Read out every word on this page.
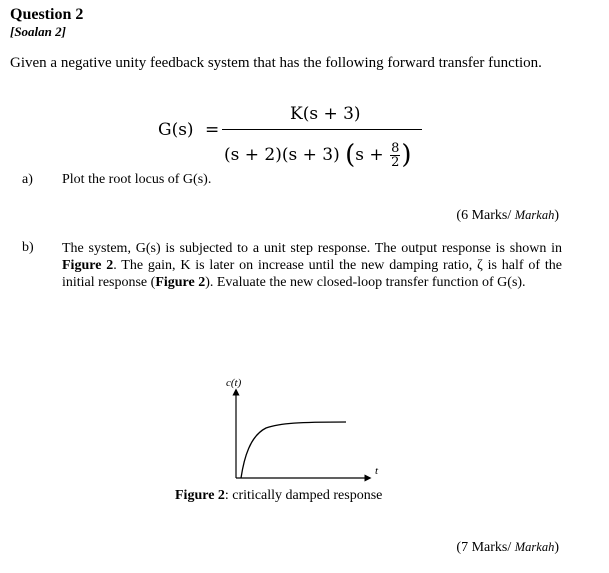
Question 2
[Soalan 2]
Given a negative unity feedback system that has the following forward transfer function.
G(s) =
K(s + 3)
(s + 2)(s + 3) ($s + \frac{8}{2}$ )
a) Plot the root locus of G(s).
(6 Marks/ Markah)
b) The system, G(s) is subjected to a unit step response. The output response is shown in Figure 2. The gain, K is later on increase until the new damping ratio, ζ is half of the initial response (Figure 2). Evaluate the new closed-loop transfer function of G(s).
c(t)
t
Figure 2: critically damped response
(7 Marks/ Markah)
